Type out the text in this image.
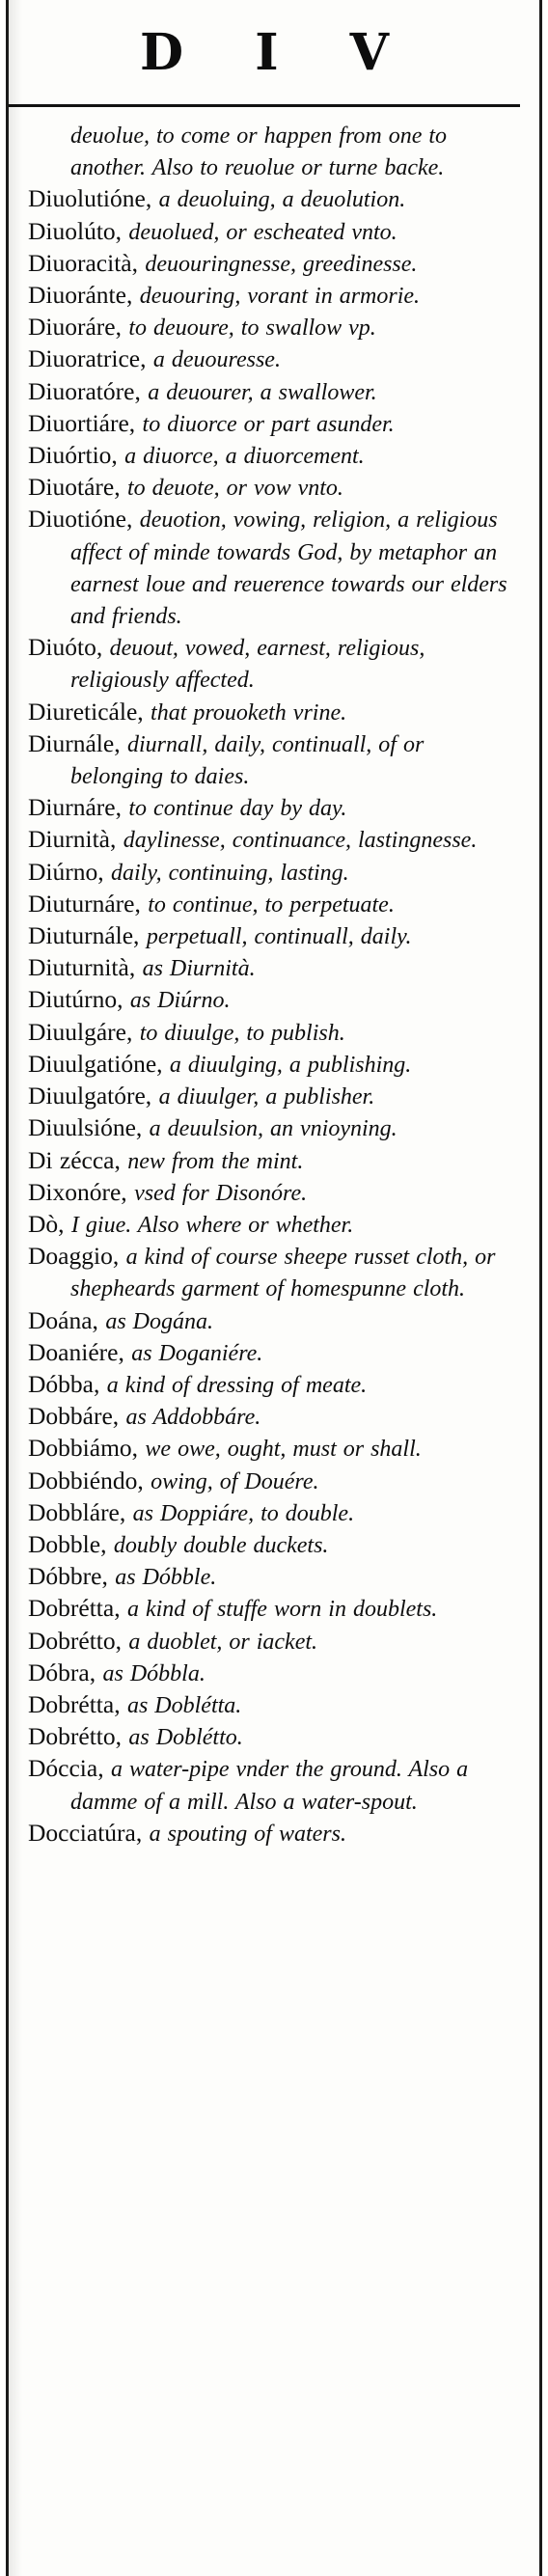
D I V
deuolue, to come or happen from one to another. Also to reuolue or turne backe.
Diuolutióne, a deuoluing, a deuolution.
Diuolúto, deuolued, or escheated vnto.
Diuoracità, deuouringnesse, greedinesse.
Diuoránte, deuouring, vorant in armorie.
Diuoráre, to deuoure, to swallow vp.
Diuoratrice, a deuouresse.
Diuoratóre, a deuourer, a swallower.
Diuortiáre, to diuorce or part asunder.
Diuórtio, a diuorce, a diuorcement.
Diuotáre, to deuote, or vow vnto.
Diuotióne, deuotion, vowing, religion, a religious affect of minde towards God, by metaphor an earnest loue and reuerence towards our elders and friends.
Diuóto, deuout, vowed, earnest, religious, religiously affected.
Diureticále, that prouoketh vrine.
Diurnále, diurnall, daily, continuall, of or belonging to daies.
Diurnáre, to continue day by day.
Diurnità, daylinesse, continuance, lastingnesse.
Diúrno, daily, continuing, lasting.
Diuturnáre, to continue, to perpetuate.
Diuturnále, perpetuall, continuall, daily.
Diuturnità, as Diurnità.
Diutúrno, as Diúrno.
Diuulgáre, to diuulge, to publish.
Diuulgatióne, a diuulging, a publishing.
Diuulgatóre, a diuulger, a publisher.
Diuulsióne, a deuulsion, an vnioyning.
Di zécca, new from the mint.
Dixonóre, vsed for Disonóre.
Dò, I giue. Also where or whether.
Doaggio, a kind of course sheepe russet cloth, or shepheards garment of homespunne cloth.
Doána, as Dogána.
Doaniére, as Doganiére.
Dóbba, a kind of dressing of meate.
Dobbáre, as Addobbáre.
Dobbiámo, we owe, ought, must or shall.
Dobbiéndo, owing, of Douére.
Dobbláre, as Doppiáre, to double.
Dobble, doubly double duckets.
Dóbbre, as Dóbble.
Dobrétta, a kind of stuffe worn in doublets.
Dobrétto, a duoblet, or iacket.
Dóbra, as Dóbbla.
Dobrétta, as Doblétta.
Dobrétto, as Doblétto.
Dóccia, a water-pipe vnder the ground. Also a damme of a mill. Also a water-spout.
Docciatúra, a spouting of waters.
